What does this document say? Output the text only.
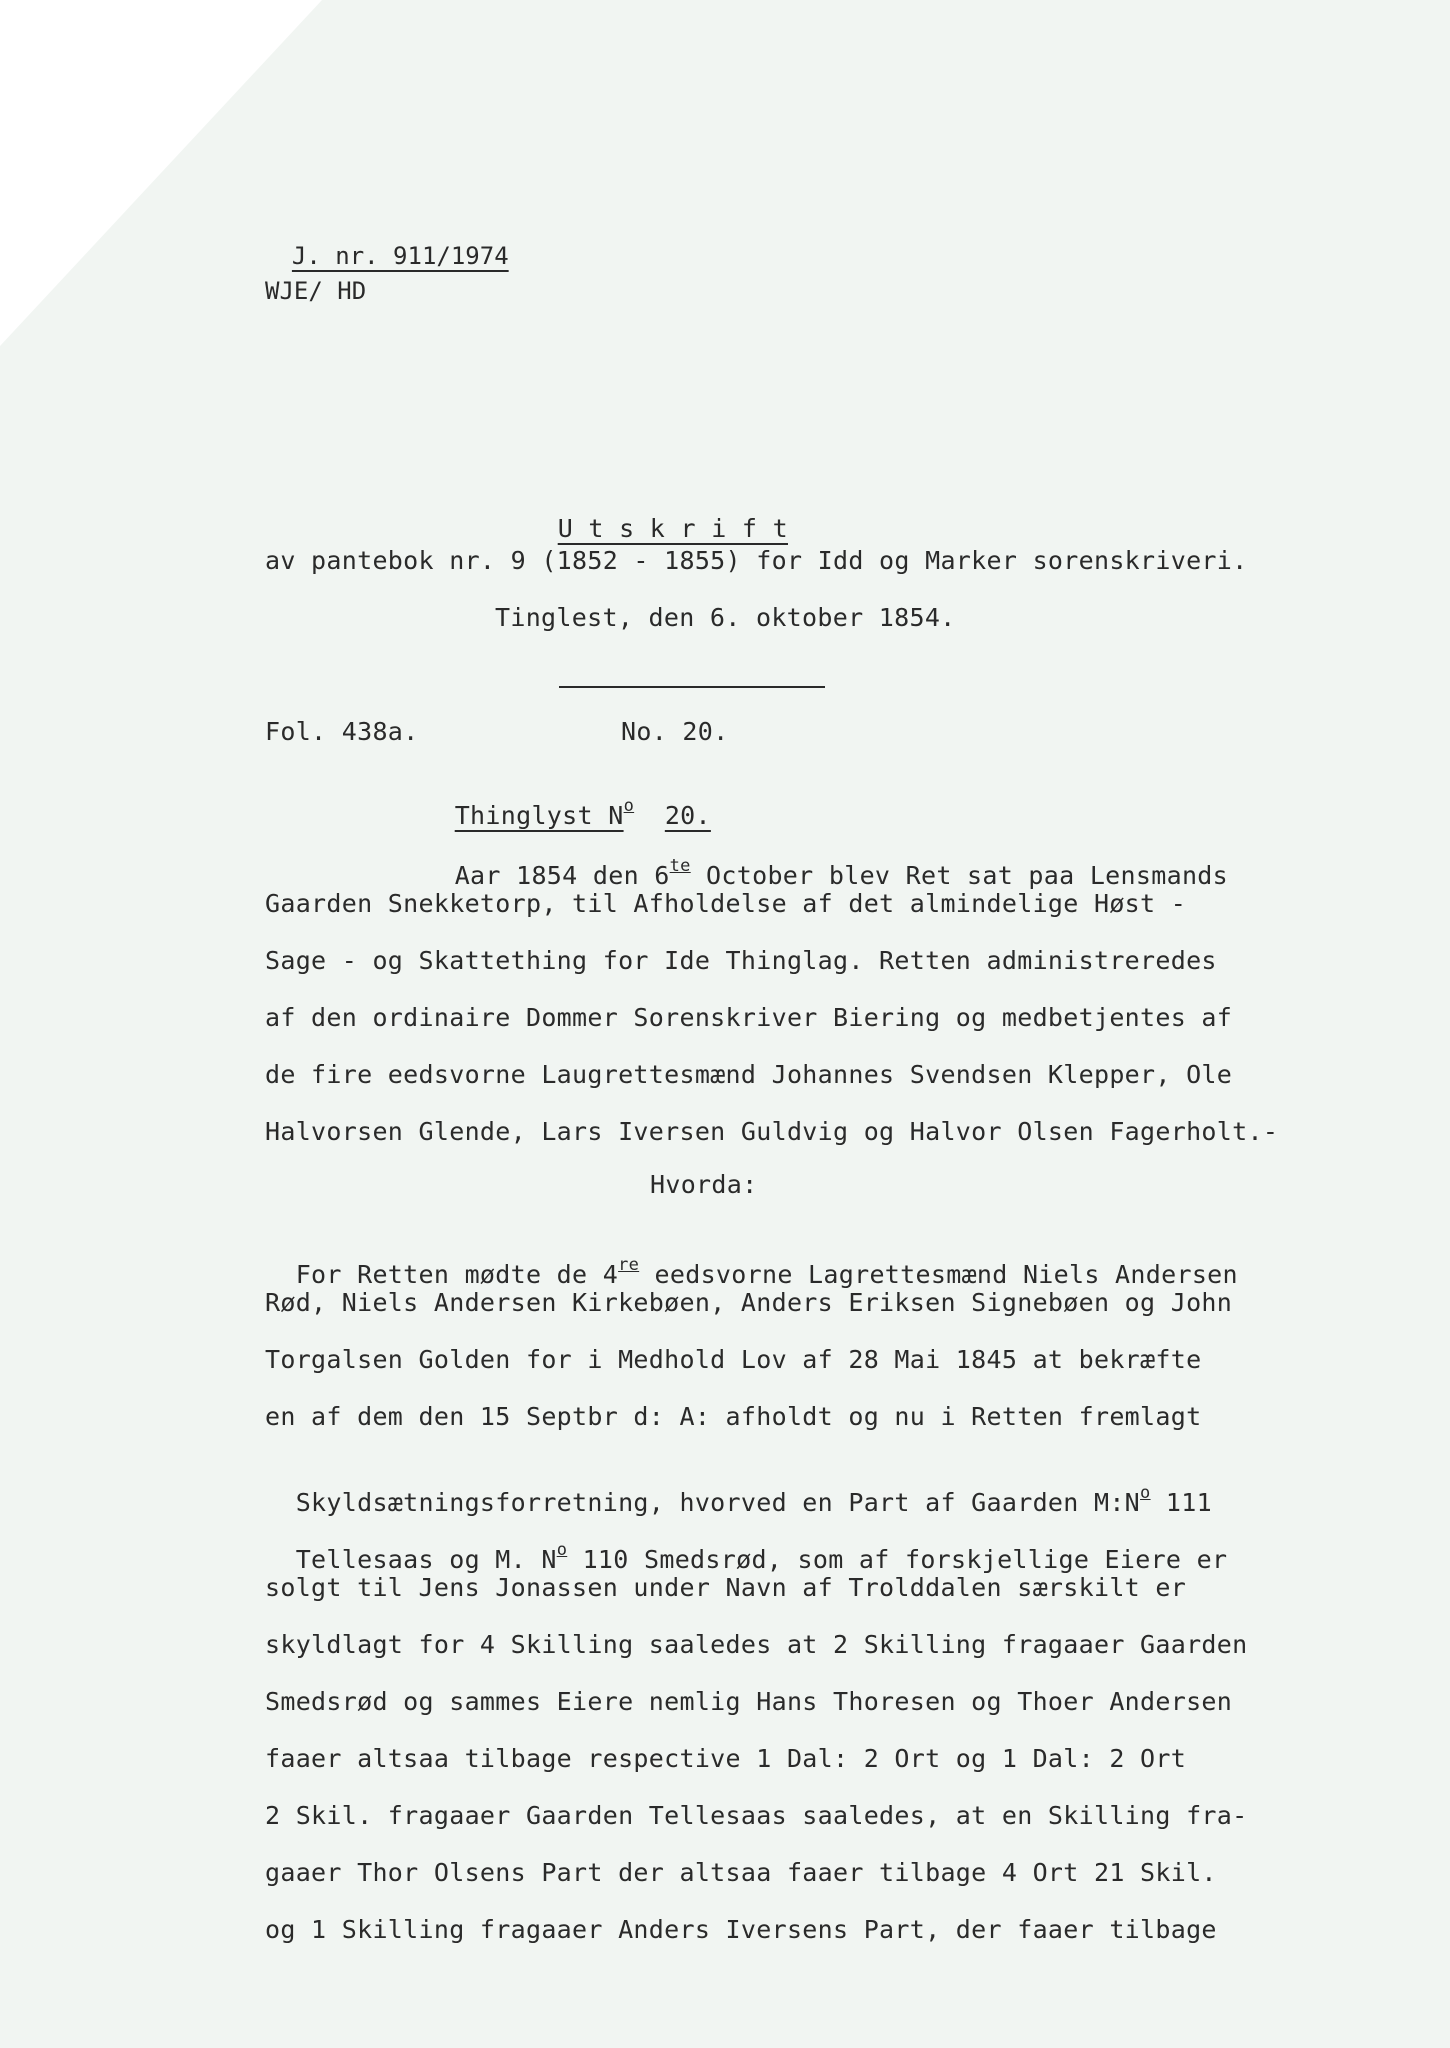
J. nr. 911/1974

WJE/ HD

U t s k r i f t

av pantebok nr. 9 (1852 - 1855) for Idd og Marker sorenskriveri.
Tinglest, den 6. oktober 1854.
Fol. 438a.	No. 20.

Thinglyst $N^o$ 20.

Aar 1854 den $6^{te}$ October blev Ret sat paa Lensmands

Gaarden Snekketorp, til Afholdelse af det almindelige Høst -
Sage - og Skattething for Ide Thinglag. Retten administreredes
af den ordinaire Dommer Sorenskriver Biering og medbetjentes af
de fire eedsvorne Laugrettesmænd Johannes Svendsen Klepper, Ole
Halvorsen Glende, Lars Iversen Guldvig og Halvor Olsen Fagerholt.-
Hvorda:

For Retten mødte de 4re eedsvorne Lagrettesmænd Niels Andersen

Rød, Niels Andersen Kirkebøen, Anders Eriksen Signebøen og John
Torgalsen Golden for i Medhold Lov af 28 Mai 1845 at bekræfte
en af dem den 15 Septbr d: A: afholdt og nu i Retten fremlagt

Skyldsætningsforretning, hvorved en Part af Gaarden $M:N^o$ 111

Tellesaas og M. $N^o$ 110 Smedsrød, som af forskjellige Eiere er

solgt til Jens Jonassen under Navn af Trolddalen særskilt er
skyldlagt for 4 Skilling saaledes at 2 Skilling fragaaer Gaarden
Smedsrød og sammes Eiere nemlig Hans Thoresen og Thoer Andersen
faaer altsaa tilbage respective 1 Dal: 2 Ort og 1 Dal: 2 Ort
2 Skil. fragaaer Gaarden Tellesaas saaledes, at en Skilling fra-
gaaer Thor Olsens Part der altsaa faaer tilbage 4 Ort 21 Skil.
og 1 Skilling fragaaer Anders Iversens Part, der faaer tilbage
